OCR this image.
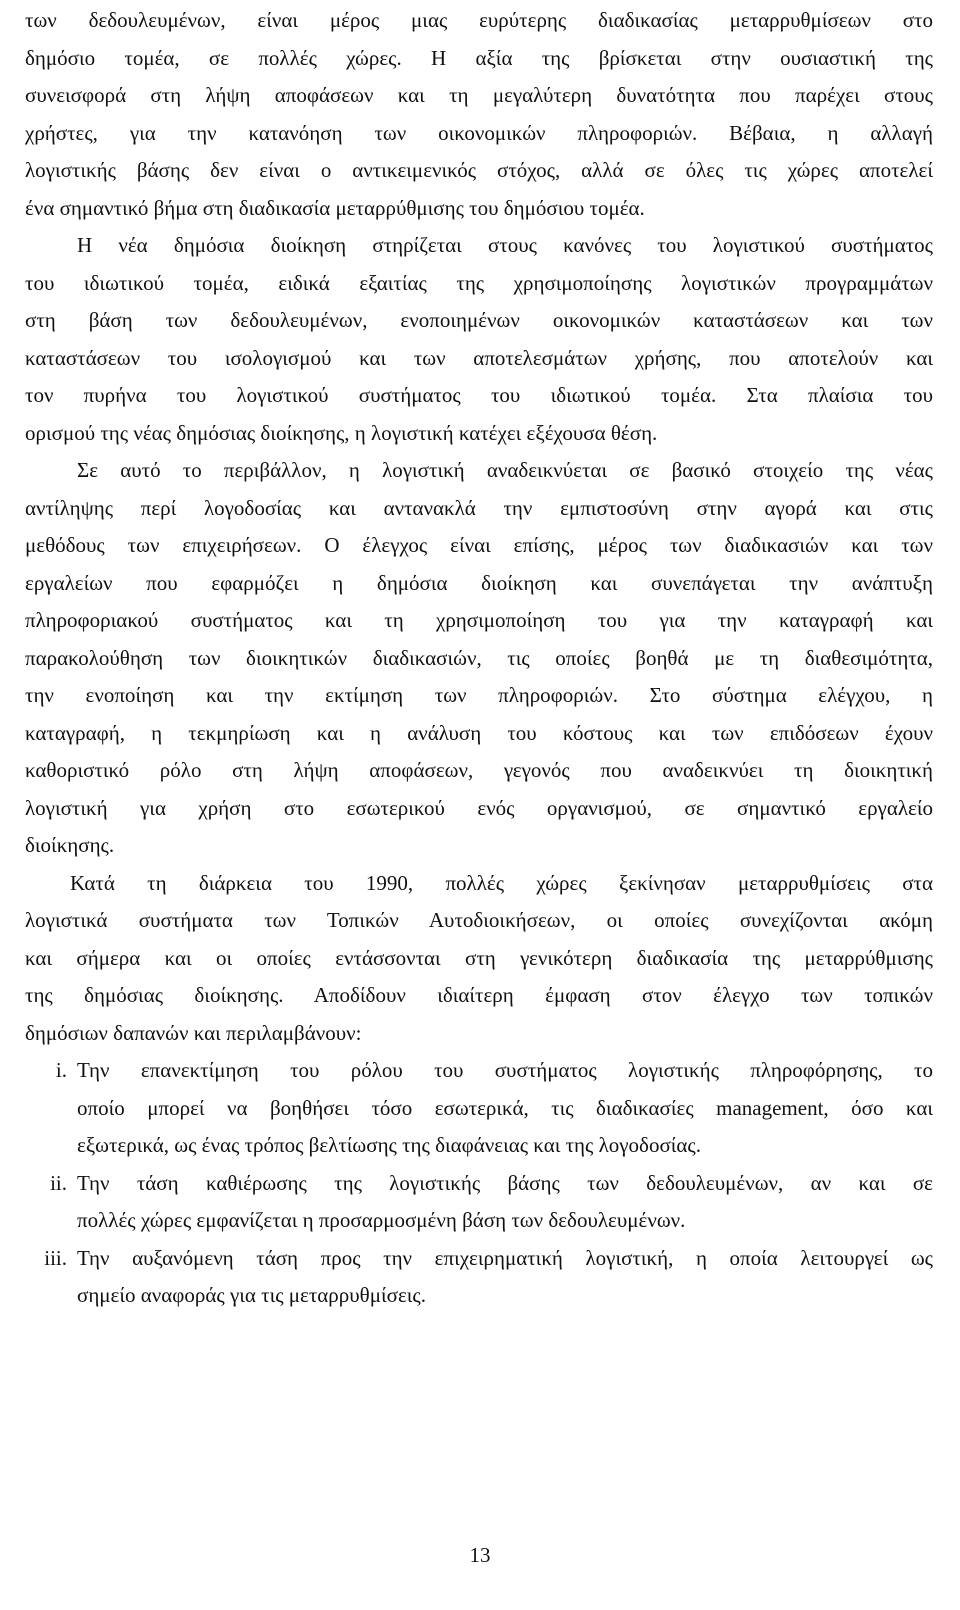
των δεδουλευμένων, είναι μέρος μιας ευρύτερης διαδικασίας μεταρρυθμίσεων στο
δημόσιο τομέα, σε πολλές χώρες. Η αξία της βρίσκεται στην ουσιαστική της
συνεισφορά στη λήψη αποφάσεων και τη μεγαλύτερη δυνατότητα που παρέχει στους
χρήστες, για την κατανόηση των οικονομικών πληροφοριών. Βέβαια, η αλλαγή
λογιστικής βάσης δεν είναι ο αντικειμενικός στόχος, αλλά σε όλες τις χώρες αποτελεί
ένα σημαντικό βήμα στη διαδικασία μεταρρύθμισης του δημόσιου τομέα.
Η νέα δημόσια διοίκηση στηρίζεται στους κανόνες του λογιστικού συστήματος
του ιδιωτικού τομέα, ειδικά εξαιτίας της χρησιμοποίησης λογιστικών προγραμμάτων
στη βάση των δεδουλευμένων, ενοποιημένων οικονομικών καταστάσεων και των
καταστάσεων του ισολογισμού και των αποτελεσμάτων χρήσης, που αποτελούν και
τον πυρήνα του λογιστικού συστήματος του ιδιωτικού τομέα. Στα πλαίσια του
ορισμού της νέας δημόσιας διοίκησης, η λογιστική κατέχει εξέχουσα θέση.
Σε αυτό το περιβάλλον, η λογιστική αναδεικνύεται σε βασικό στοιχείο της νέας
αντίληψης περί λογοδοσίας και αντανακλά την εμπιστοσύνη στην αγορά και στις
μεθόδους των επιχειρήσεων. Ο έλεγχος είναι επίσης, μέρος των διαδικασιών και των
εργαλείων που εφαρμόζει η δημόσια διοίκηση και συνεπάγεται την ανάπτυξη
πληροφοριακού συστήματος και τη χρησιμοποίηση του για την καταγραφή και
παρακολούθηση των διοικητικών διαδικασιών, τις οποίες βοηθά με τη διαθεσιμότητα,
την ενοποίηση και την εκτίμηση των πληροφοριών. Στο σύστημα ελέγχου, η
καταγραφή, η τεκμηρίωση και η ανάλυση του κόστους και των επιδόσεων έχουν
καθοριστικό ρόλο στη λήψη αποφάσεων, γεγονός που αναδεικνύει τη διοικητική
λογιστική για χρήση στο εσωτερικού ενός οργανισμού, σε σημαντικό εργαλείο
διοίκησης.
Κατά τη διάρκεια του 1990, πολλές χώρες ξεκίνησαν μεταρρυθμίσεις στα
λογιστικά συστήματα των Τοπικών Αυτοδιοικήσεων, οι οποίες συνεχίζονται ακόμη
και σήμερα και οι οποίες εντάσσονται στη γενικότερη διαδικασία της μεταρρύθμισης
της δημόσιας διοίκησης. Αποδίδουν ιδιαίτερη έμφαση στον έλεγχο των τοπικών
δημόσιων δαπανών και περιλαμβάνουν:
i. Την επανεκτίμηση του ρόλου του συστήματος λογιστικής πληροφόρησης, το
οποίο μπορεί να βοηθήσει τόσο εσωτερικά, τις διαδικασίες management, όσο και
εξωτερικά, ως ένας τρόπος βελτίωσης της διαφάνειας και της λογοδοσίας.
ii. Την τάση καθιέρωσης της λογιστικής βάσης των δεδουλευμένων, αν και σε
πολλές χώρες εμφανίζεται η προσαρμοσμένη βάση των δεδουλευμένων.
iii. Την αυξανόμενη τάση προς την επιχειρηματική λογιστική, η οποία λειτουργεί ως
σημείο αναφοράς για τις μεταρρυθμίσεις.
13
